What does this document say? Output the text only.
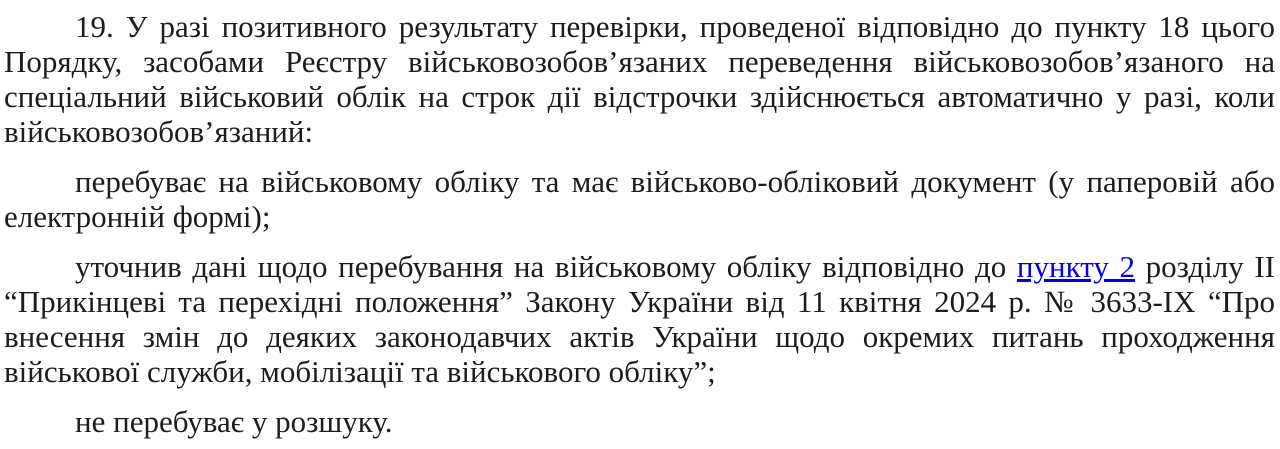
19. У разі позитивного результату перевірки, проведеної відповідно до пункту 18 цього Порядку, засобами Реєстру військовозобов’язаних переведення військовозобов’язаного на спеціальний військовий облік на строк дії відстрочки здійснюється автоматично у разі, коли військовозобов’язаний:

перебуває на військовому обліку та має військово-обліковий документ (у паперовій або електронній формі);

уточнив дані щодо перебування на військовому обліку відповідно до пункту 2 розділу II “Прикінцеві та перехідні положення” Закону України від 11 квітня 2024 р. № 3633-IX “Про внесення змін до деяких законодавчих актів України щодо окремих питань проходження військової служби, мобілізації та військового обліку”;

не перебуває у розшуку.
